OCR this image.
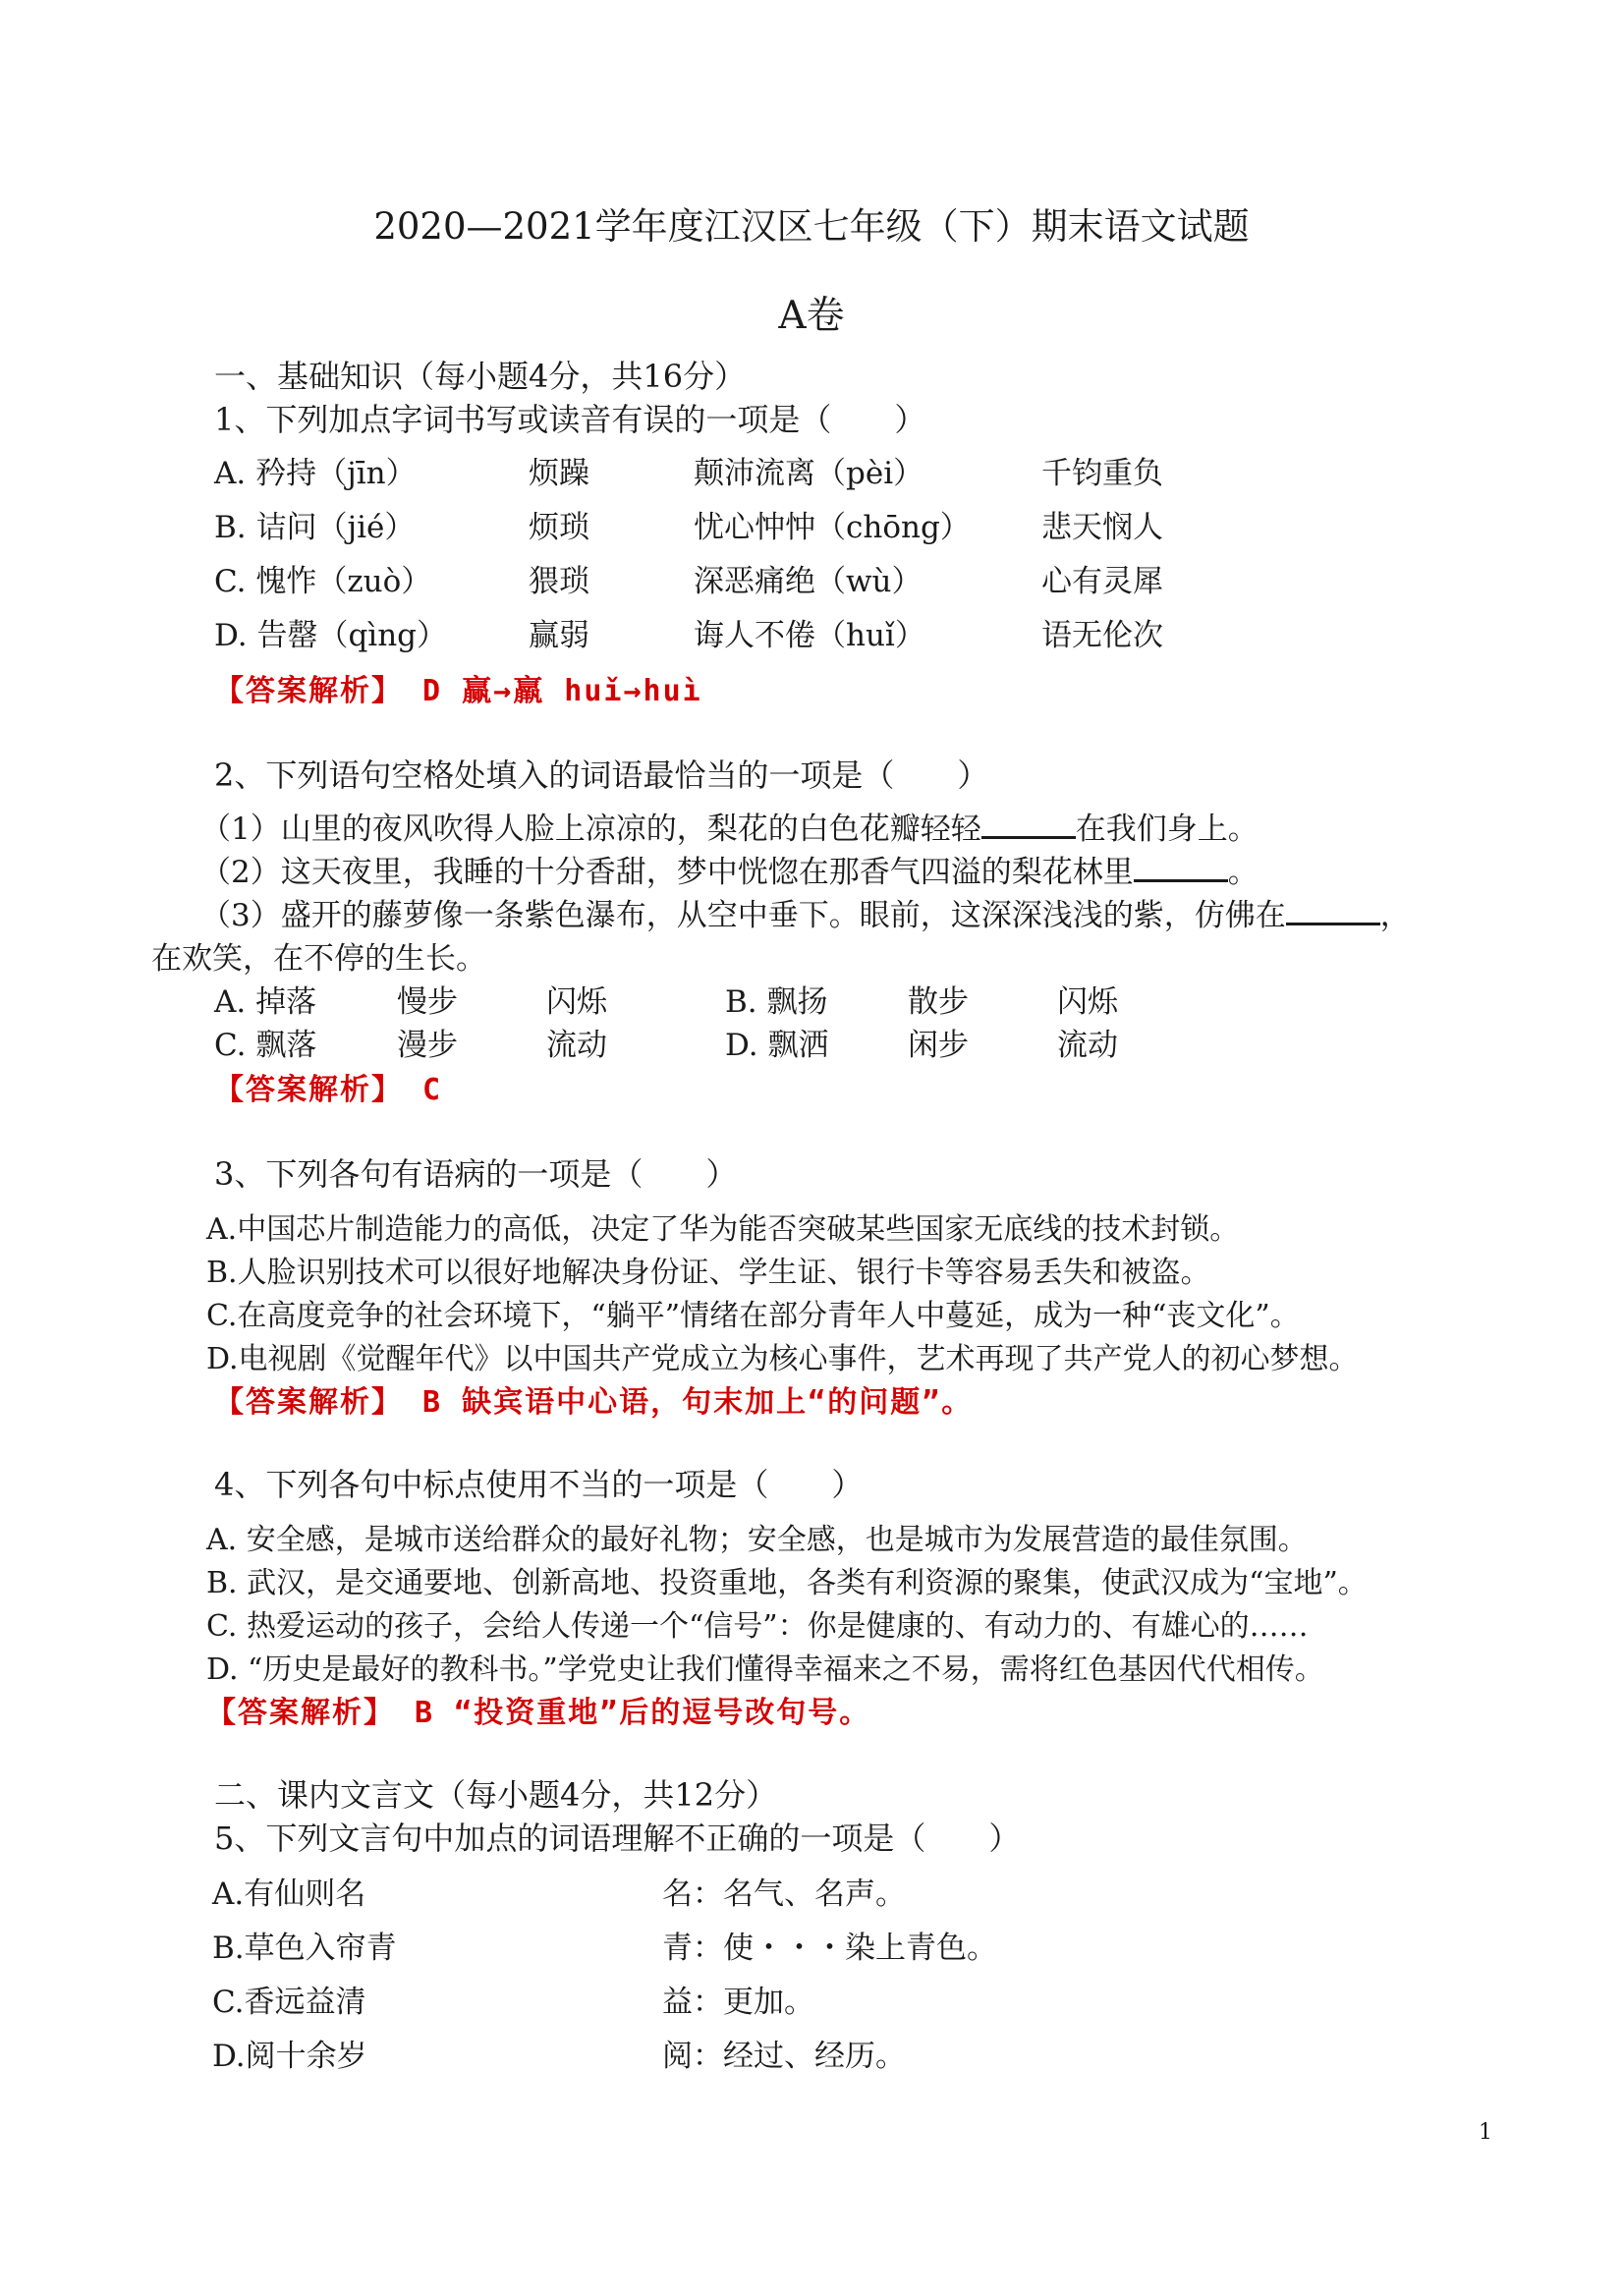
2020—2021学年度江汉区七年级（下）期末语文试题
A卷
一、基础知识（每小题4分，共16分）
1、下列加点字词书写或读音有误的一项是（　　）
A. 矜持（jīn）	烦躁	颠沛流离（pèi）	千钧重负
B. 诘问（jié）	烦琐	忧心忡忡（chōng） 悲天悯人
C. 愧怍（zuò）	猥琐	深恶痛绝（wù）	心有灵犀
D. 告罄（qìng）	赢弱	诲人不倦（huǐ）	语无伦次
【答案解析】 D 赢→羸 huǐ→huì
2、下列语句空格处填入的词语最恰当的一项是（　　）
（1）山里的夜风吹得人脸上凉凉的，梨花的白色花瓣轻轻	在我们身上。
（2）这天夜里，我睡的十分香甜，梦中恍惚在那香气四溢的梨花林里	。
（3）盛开的藤萝像一条紫色瀑布，从空中垂下。眼前，这深深浅浅的紫，仿佛在	，
在欢笑，在不停的生长。
A. 掉落	慢步	闪烁	B. 飘扬	散步	闪烁
C. 飘落	漫步	流动	D. 飘洒	闲步	流动
【答案解析】 C
3、下列各句有语病的一项是（　　）
A.中国芯片制造能力的高低，决定了华为能否突破某些国家无底线的技术封锁。
B.人脸识别技术可以很好地解决身份证、学生证、银行卡等容易丢失和被盗。
C.在高度竞争的社会环境下，“躺平”情绪在部分青年人中蔓延，成为一种“丧文化”。
D.电视剧《觉醒年代》以中国共产党成立为核心事件，艺术再现了共产党人的初心梦想。
【答案解析】 B 缺宾语中心语，句末加上“的问题”。
4、下列各句中标点使用不当的一项是（　　）
A. 安全感，是城市送给群众的最好礼物；安全感，也是城市为发展营造的最佳氛围。
B. 武汉，是交通要地、创新高地、投资重地，各类有利资源的聚集，使武汉成为“宝地”。
C. 热爱运动的孩子，会给人传递一个“信号”：你是健康的、有动力的、有雄心的……
D. “历史是最好的教科书。”学党史让我们懂得幸福来之不易，需将红色基因代代相传。
【答案解析】 B “投资重地”后的逗号改句号。
二、课内文言文（每小题4分，共12分）
5、下列文言句中加点的词语理解不正确的一项是（　　）
A.有仙则名	名：名气、名声。
B.草色入帘青	青：使・・・染上青色。
C.香远益清	益：更加。
D.阅十余岁	阅：经过、经历。
1
